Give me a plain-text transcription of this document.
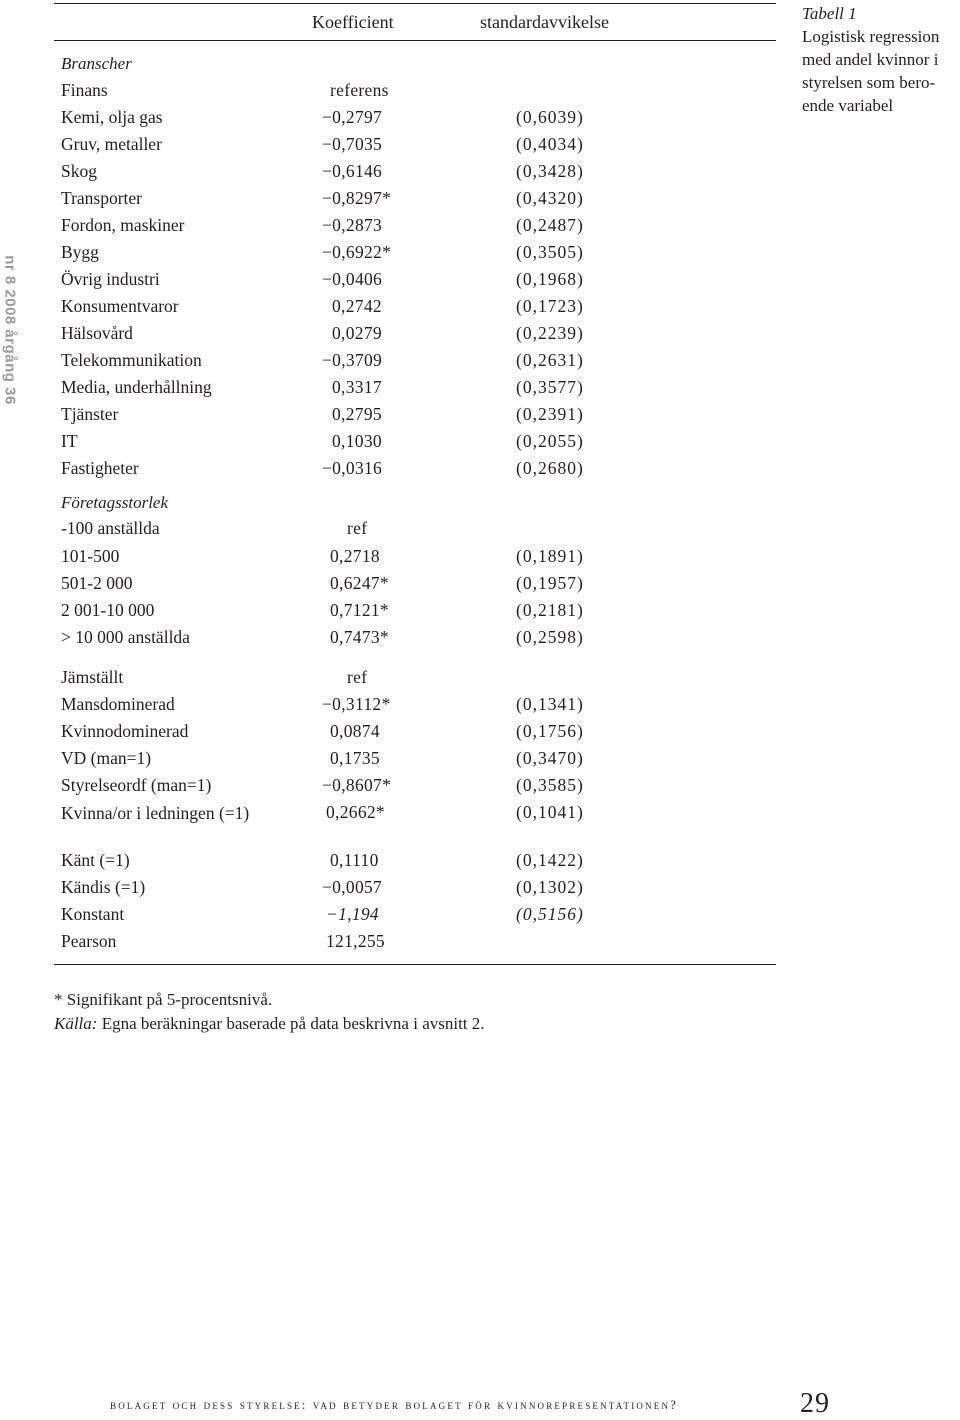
nr 8 2008 årgång 36
Koefficient	standardavvikelse
Branscher
Finans	referens
Kemi, olja gas	−0,2797	(0,6039)
Gruv, metaller	−0,7035	(0,4034)
Skog	−0,6146	(0,3428)
Transporter	−0,8297*	(0,4320)
Fordon, maskiner	−0,2873	(0,2487)
Bygg	−0,6922*	(0,3505)
Övrig industri	−0,0406	(0,1968)
Konsumentvaror	0,2742	(0,1723)
Hälsovård	0,0279	(0,2239)
Telekommunikation	−0,3709	(0,2631)
Media, underhållning	0,3317	(0,3577)
Tjänster	0,2795	(0,2391)
IT	0,1030	(0,2055)
Fastigheter	−0,0316	(0,2680)
Företagsstorlek
-100 anställda	ref
101-500	0,2718	(0,1891)
501-2 000	0,6247*	(0,1957)
2 001-10 000	0,7121*	(0,2181)
> 10 000 anställda	0,7473*	(0,2598)
Jämställt	ref
Mansdominerad	−0,3112*	(0,1341)
Kvinnodominerad	0,0874	(0,1756)
VD (man=1)	0,1735	(0,3470)
Styrelseordf (man=1)	−0,8607*	(0,3585)
Kvinna/or i ledningen (=1)	0,2662*	(0,1041)
Känt (=1)	0,1110	(0,1422)
Kändis (=1)	−0,0057	(0,1302)
Konstant	−1,194	(0,5156)
Pearson	121,255
Tabell 1
Logistisk regression med andel kvinnor i styrelsen som bero-ende variabel
* Signifikant på 5-procentsnivå.
Källa: Egna beräkningar baserade på data beskrivna i avsnitt 2.
bolaget och dess styrelse: vad betyder bolaget för kvinnorepresentationen?	29
